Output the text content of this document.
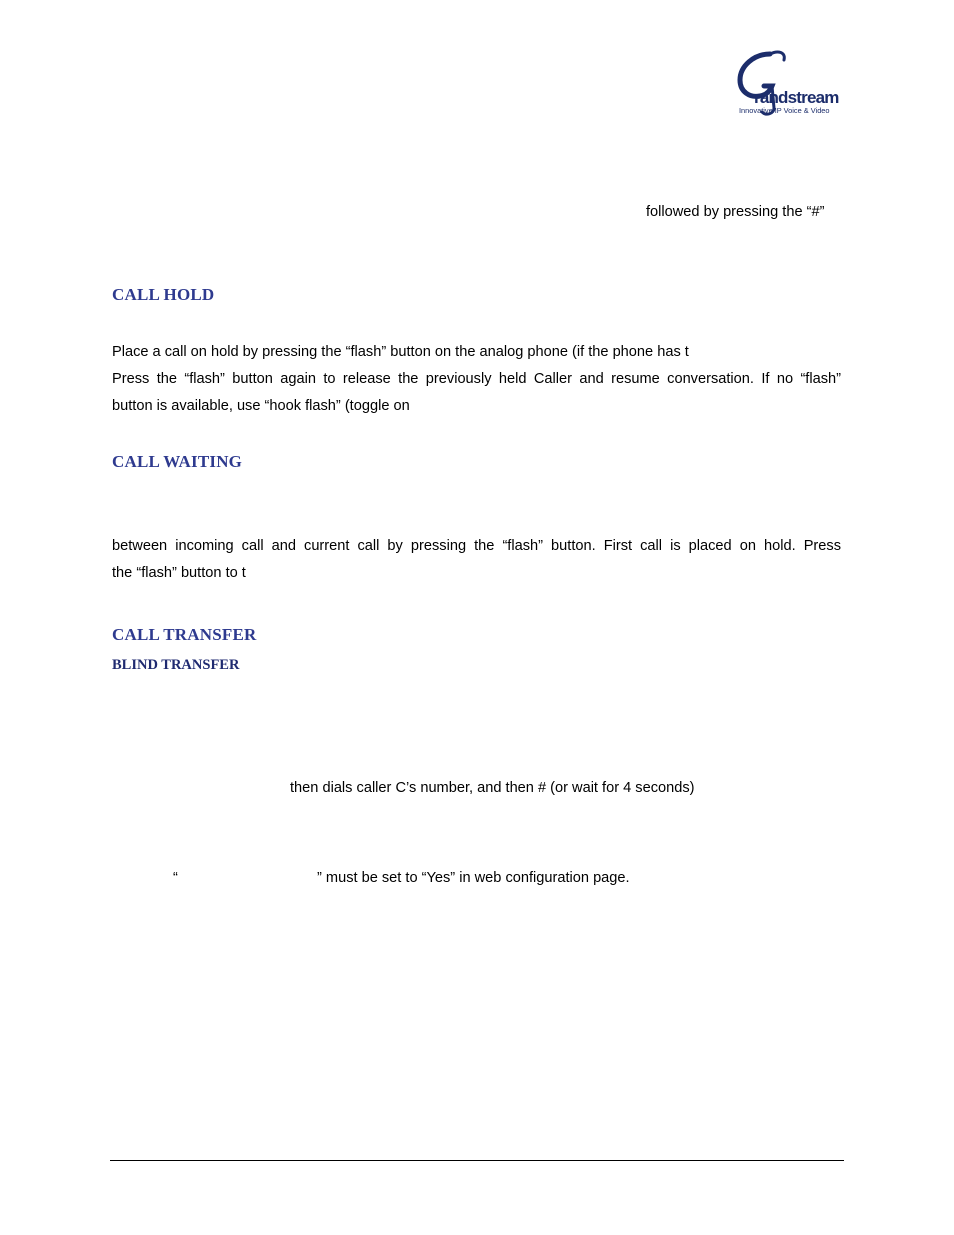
randstream
Innovative IP Voice & Video
followed by pressing the “#”
CALL HOLD
Place a call on hold by pressing the “flash” button on the analog phone (if the phone has t
Press the “flash” button again to release the previously held Caller and resume conversation. If no “flash”
button is available, use “hook flash” (toggle on
CALL WAITING
between incoming call and current call by pressing the “flash” button. First call is placed on hold. Press
the “flash” button to t
CALL TRANSFER
BLIND TRANSFER
then dials caller C’s number, and then # (or wait for 4 seconds)
“	” must be set to “Yes” in web configuration page.
